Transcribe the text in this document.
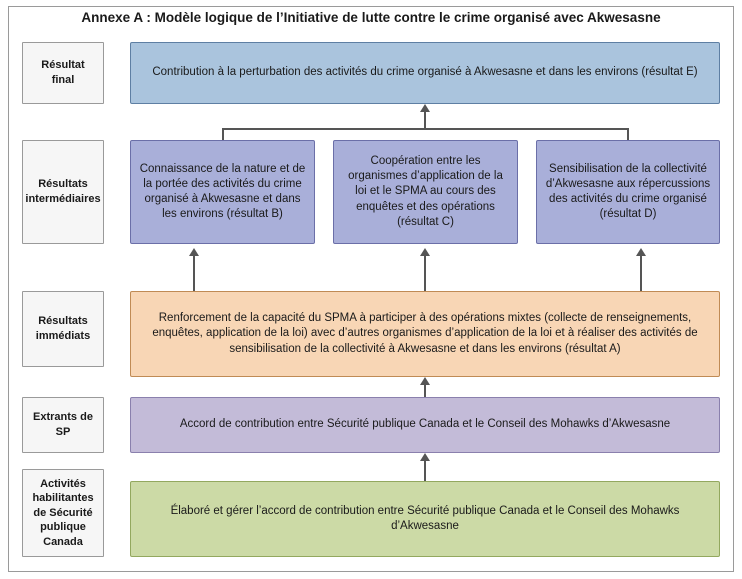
Annexe A : Modèle logique de l’Initiative de lutte contre le crime organisé avec Akwesasne
Résultat final
Résultats intermédiaires
Résultats immédiats
Extrants de SP
Activités habilitantes de Sécurité publique Canada
Contribution à la perturbation des activités du crime organisé à Akwesasne et dans les environs (résultat E)
Connaissance de la nature et de la portée des activités du crime organisé à Akwesasne et dans les environs (résultat B)
Coopération entre les organismes d’application de la loi et le SPMA au cours des enquêtes et des opérations (résultat C)
Sensibilisation de la collectivité d’Akwesasne aux répercussions des activités du crime organisé (résultat D)
Renforcement de la capacité du SPMA à participer à des opérations mixtes (collecte de renseignements, enquêtes, application de la loi) avec d’autres organismes d’application de la loi et à réaliser des activités de sensibilisation de la collectivité à Akwesasne et dans les environs (résultat A)
Accord de contribution entre Sécurité publique Canada et le Conseil des Mohawks d’Akwesasne
Élaboré et gérer l’accord de contribution entre Sécurité publique Canada et le Conseil des Mohawks d’Akwesasne
